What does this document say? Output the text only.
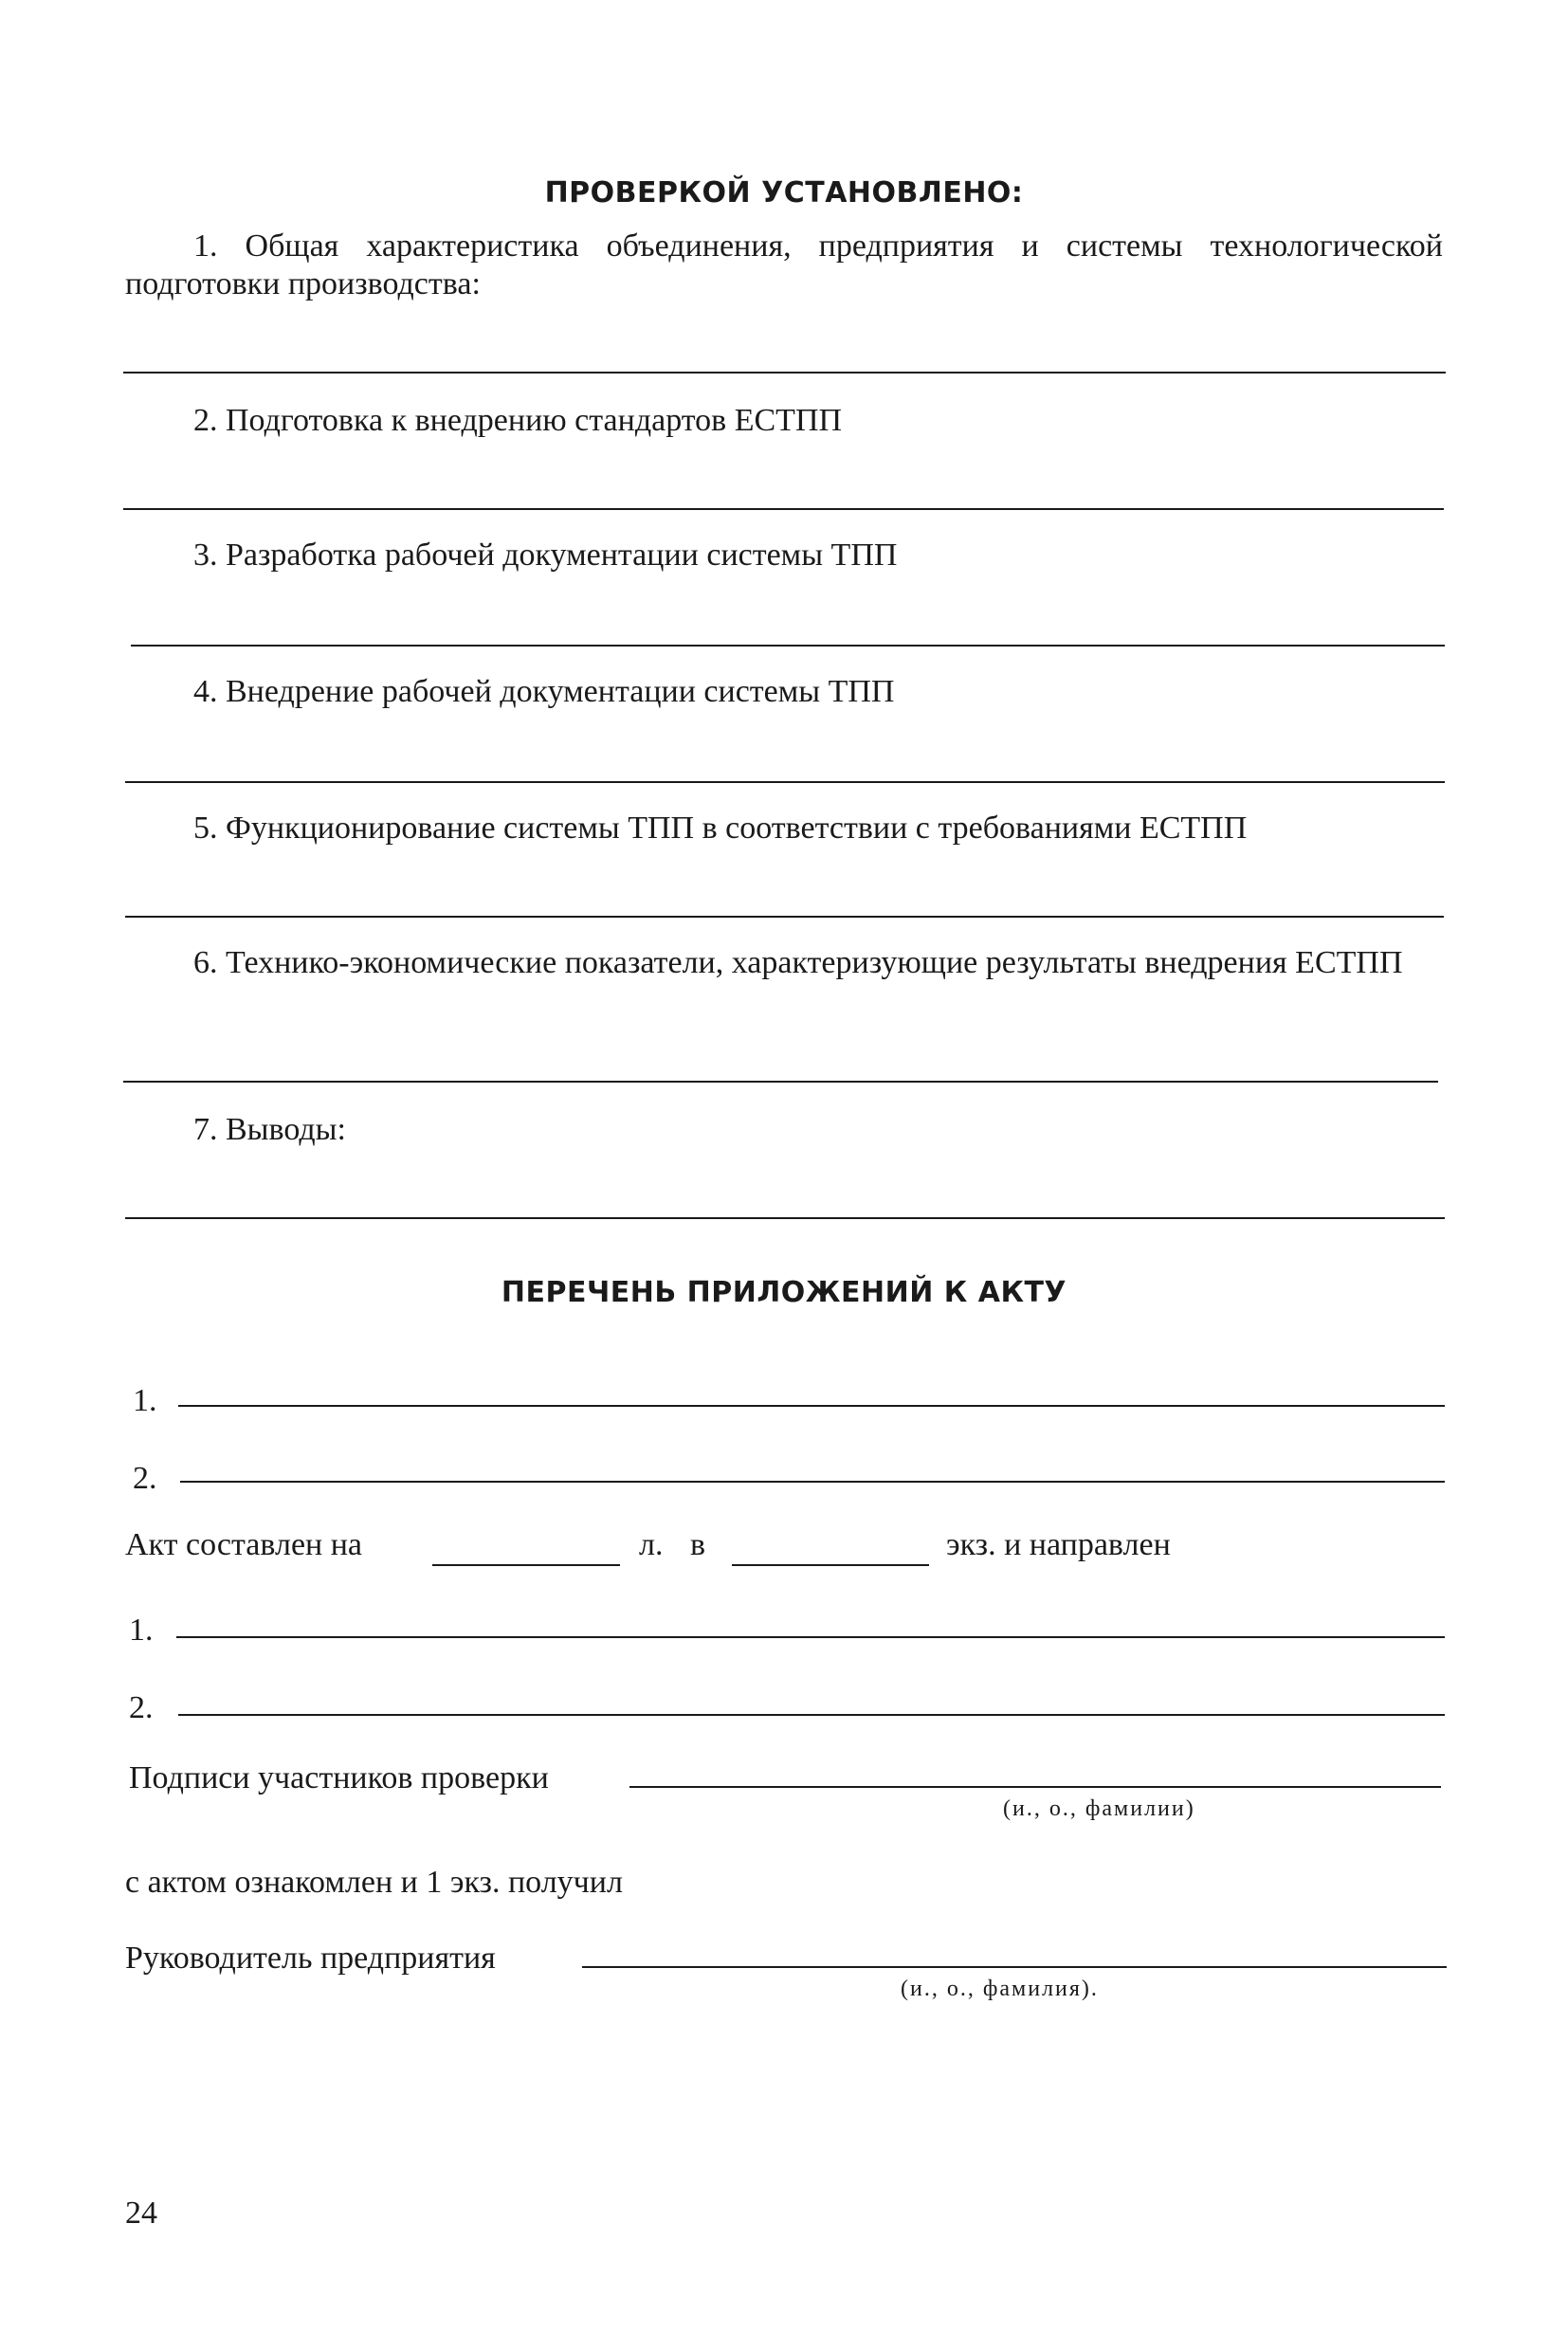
ПРОВЕРКОЙ УСТАНОВЛЕНО:

1. Общая характеристика объединения, предприятия и системы технологической подготовки производства:

2. Подготовка к внедрению стандартов ЕСТПП

3. Разработка рабочей документации системы ТПП

4. Внедрение рабочей документации системы ТПП

5. Функционирование системы ТПП в соответствии с требованиями ЕСТПП

6. Технико-экономические показатели, характеризующие результаты внедрения ЕСТПП

7. Выводы:

ПЕРЕЧЕНЬ ПРИЛОЖЕНИЙ К АКТУ
1.
2.
Акт составлен на	л. в	экз. и направлен
1.
2.
Подписи участников проверки
(и., о., фамилии)
с актом ознакомлен и 1 экз. получил
Руководитель предприятия
(и., о., фамилия).
24
